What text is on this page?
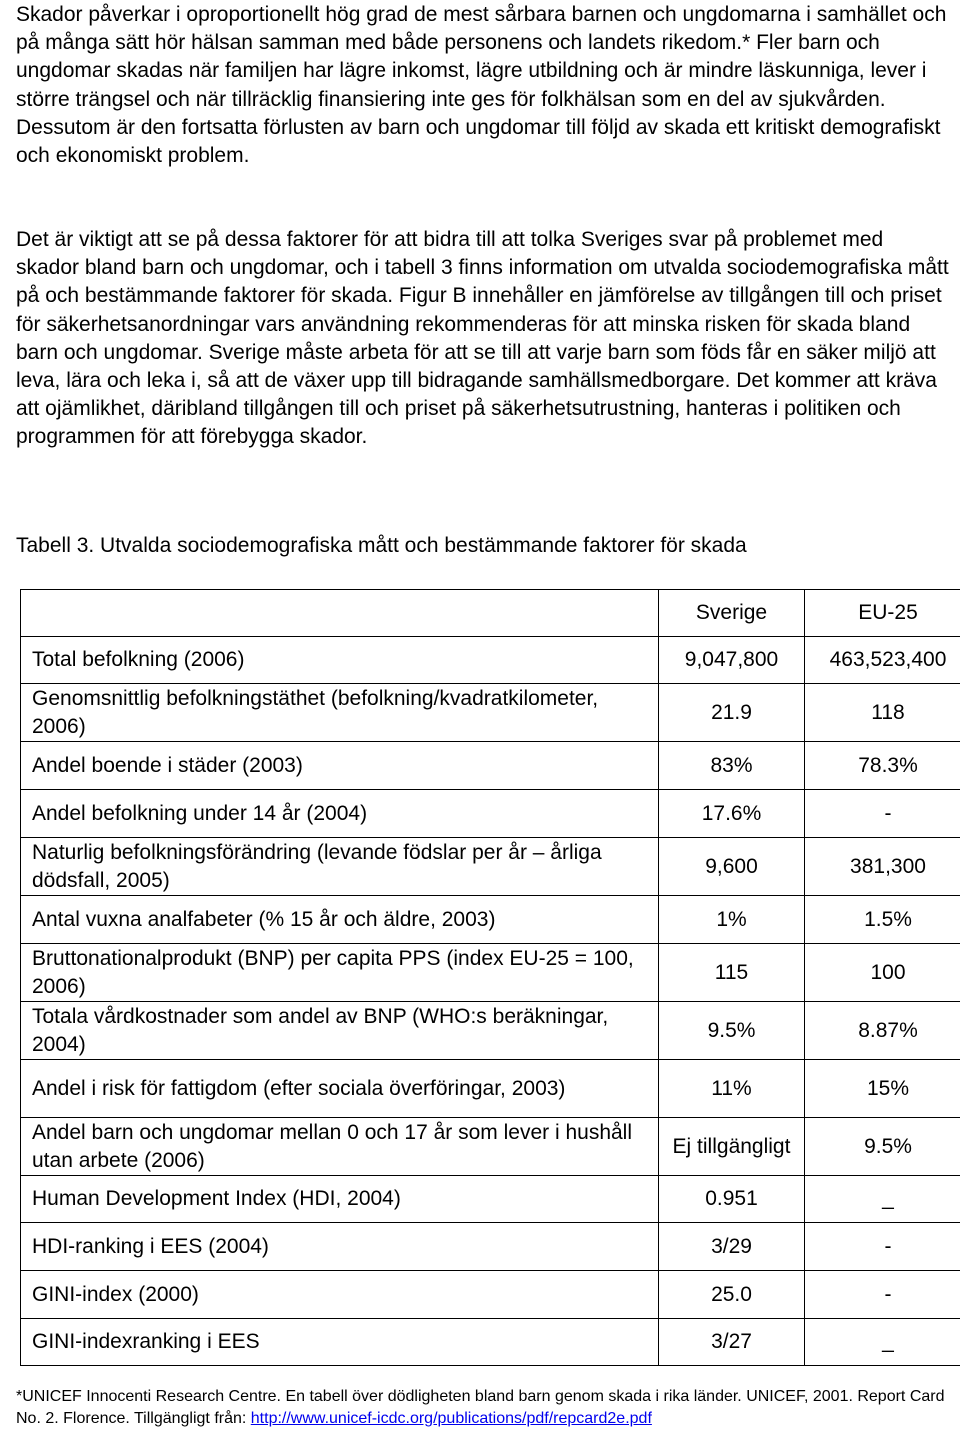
Skador påverkar i oproportionellt hög grad de mest sårbara barnen och ungdomarna i samhället och på många sätt hör hälsan samman med både personens och landets rikedom.* Fler barn och ungdomar skadas när familjen har lägre inkomst, lägre utbildning och är mindre läskunniga, lever i större trängsel och när tillräcklig finansiering inte ges för folkhälsan som en del av sjukvården. Dessutom är den fortsatta förlusten av barn och ungdomar till följd av skada ett kritiskt demografiskt och ekonomiskt problem.

Det är viktigt att se på dessa faktorer för att bidra till att tolka Sveriges svar på problemet med skador bland barn och ungdomar, och i tabell 3 finns information om utvalda sociodemografiska mått på och bestämmande faktorer för skada. Figur B innehåller en jämförelse av tillgången till och priset för säkerhetsanordningar vars användning rekommenderas för att minska risken för skada bland barn och ungdomar. Sverige måste arbeta för att se till att varje barn som föds får en säker miljö att leva, lära och leka i, så att de växer upp till bidragande samhällsmedborgare. Det kommer att kräva att ojämlikhet, däribland tillgången till och priset på säkerhetsutrustning, hanteras i politiken och programmen för att förebygga skador.

Tabell 3. Utvalda sociodemografiska mått och bestämmande faktorer för skada

	Sverige	EU-25
Total befolkning (2006)	9,047,800	463,523,400
Genomsnittlig befolkningstäthet (befolkning/kvadratkilometer, 2006)	21.9	118
Andel boende i städer (2003)	83%	78.3%
Andel befolkning under 14 år (2004)	17.6%	-
Naturlig befolkningsförändring (levande födslar per år – årliga dödsfall, 2005)	9,600	381,300
Antal vuxna analfabeter (% 15 år och äldre, 2003)	1%	1.5%
Bruttonationalprodukt (BNP) per capita PPS (index EU-25 = 100, 2006)	115	100
Totala vårdkostnader som andel av BNP (WHO:s beräkningar, 2004)	9.5%	8.87%
Andel i risk för fattigdom (efter sociala överföringar, 2003)	11%	15%
Andel barn och ungdomar mellan 0 och 17 år som lever i hushåll utan arbete (2006)	Ej tillgängligt	9.5%
Human Development Index (HDI, 2004)	0.951	_
HDI-ranking i EES (2004)	3/29	-
GINI-index (2000)	25.0	-
GINI-indexranking i EES	3/27	_

*UNICEF Innocenti Research Centre. En tabell över dödligheten bland barn genom skada i rika länder. UNICEF, 2001. Report Card No. 2. Florence. Tillgängligt från: http://www.unicef-icdc.org/publications/pdf/repcard2e.pdf
